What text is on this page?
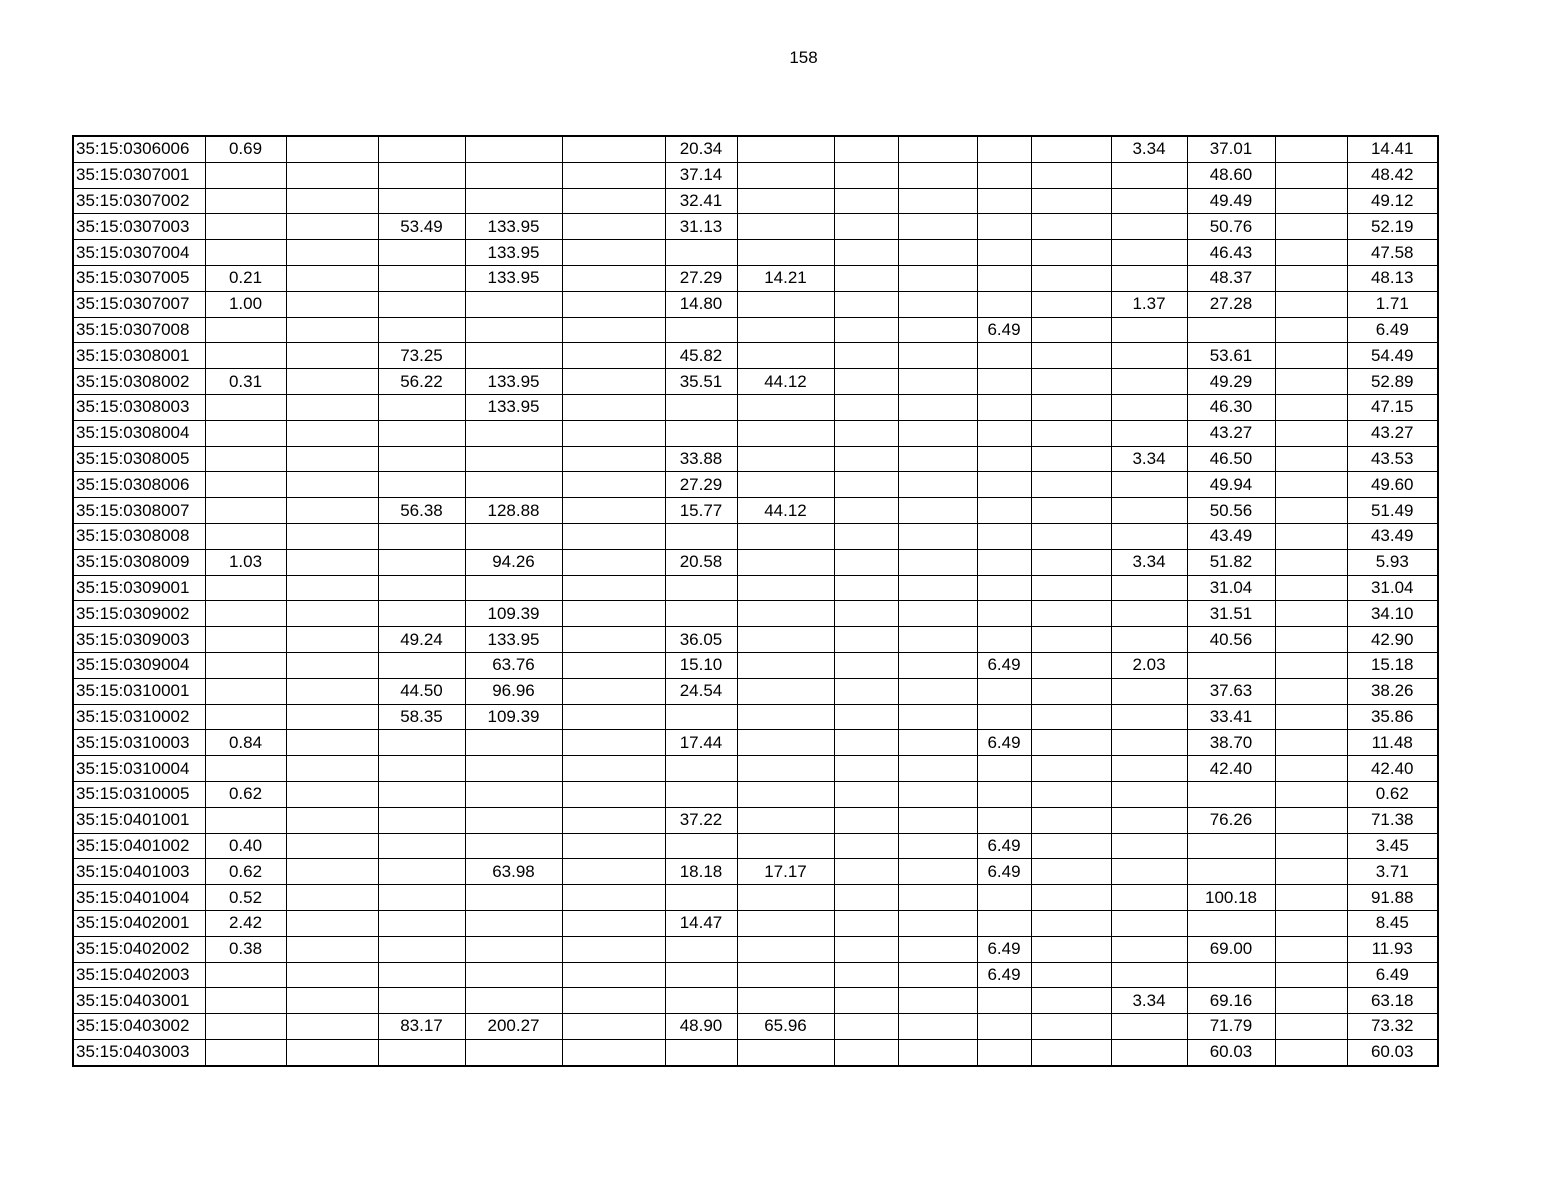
158
35:15:0306006	0.69					20.34						3.34	37.01		14.41
35:15:0307001						37.14							48.60		48.42
35:15:0307002						32.41							49.49		49.12
35:15:0307003			53.49	133.95		31.13							50.76		52.19
35:15:0307004				133.95									46.43		47.58
35:15:0307005	0.21			133.95		27.29	14.21						48.37		48.13
35:15:0307007	1.00					14.80						1.37	27.28		1.71
35:15:0307008										6.49					6.49
35:15:0308001			73.25			45.82							53.61		54.49
35:15:0308002	0.31		56.22	133.95		35.51	44.12						49.29		52.89
35:15:0308003				133.95									46.30		47.15
35:15:0308004													43.27		43.27
35:15:0308005						33.88						3.34	46.50		43.53
35:15:0308006						27.29							49.94		49.60
35:15:0308007			56.38	128.88		15.77	44.12						50.56		51.49
35:15:0308008													43.49		43.49
35:15:0308009	1.03			94.26		20.58						3.34	51.82		5.93
35:15:0309001													31.04		31.04
35:15:0309002				109.39									31.51		34.10
35:15:0309003			49.24	133.95		36.05							40.56		42.90
35:15:0309004				63.76		15.10				6.49		2.03			15.18
35:15:0310001			44.50	96.96		24.54							37.63		38.26
35:15:0310002			58.35	109.39									33.41		35.86
35:15:0310003	0.84					17.44				6.49			38.70		11.48
35:15:0310004													42.40		42.40
35:15:0310005	0.62														0.62
35:15:0401001						37.22							76.26		71.38
35:15:0401002	0.40									6.49					3.45
35:15:0401003	0.62			63.98		18.18	17.17			6.49					3.71
35:15:0401004	0.52												100.18		91.88
35:15:0402001	2.42					14.47									8.45
35:15:0402002	0.38									6.49			69.00		11.93
35:15:0402003										6.49					6.49
35:15:0403001												3.34	69.16		63.18
35:15:0403002			83.17	200.27		48.90	65.96						71.79		73.32
35:15:0403003													60.03		60.03
